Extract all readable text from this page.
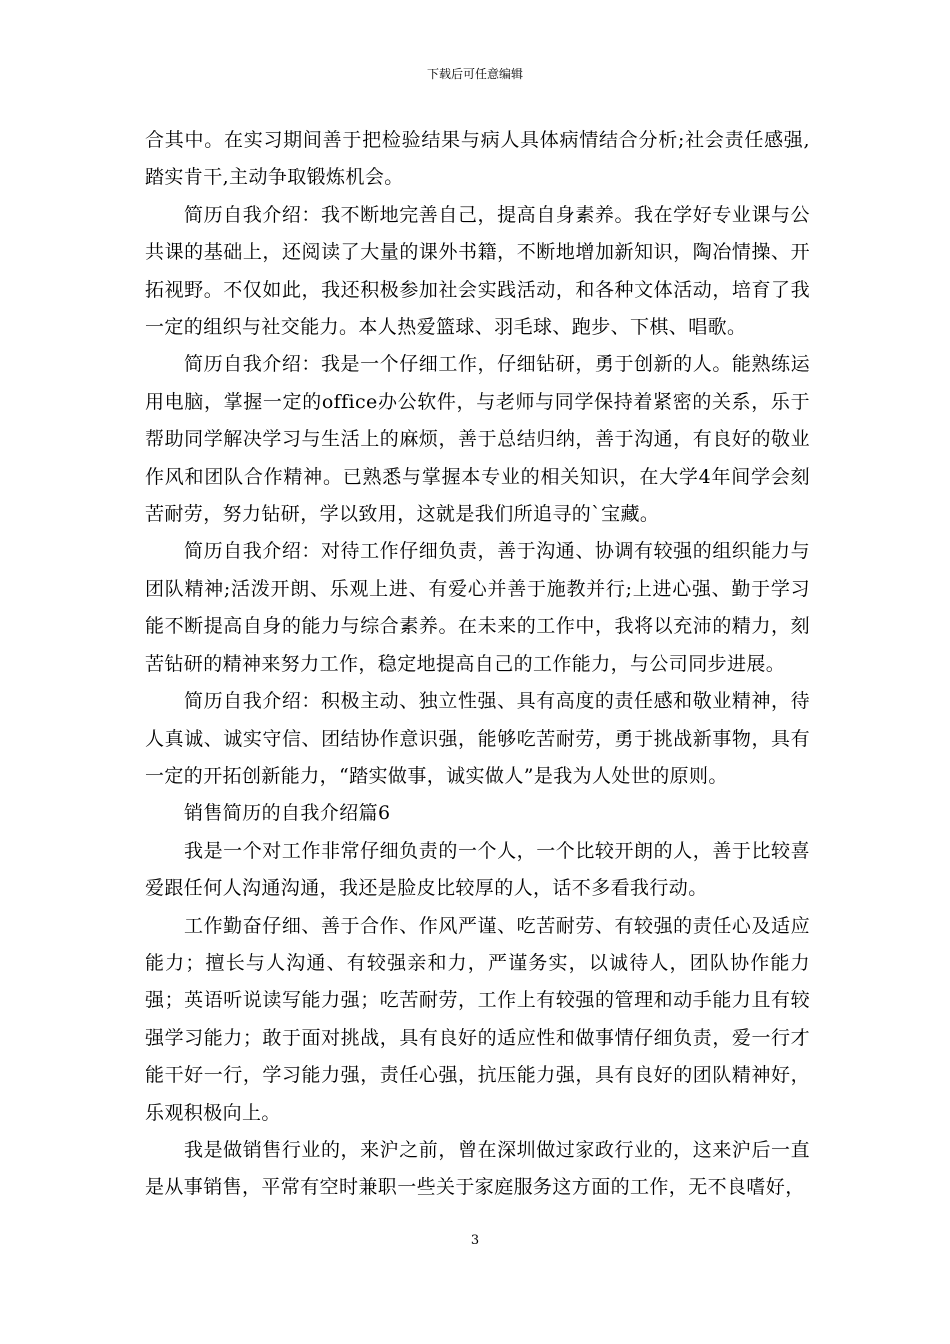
下载后可任意编辑

合其中。在实习期间善于把检验结果与病人具体病情结合分析;社会责任感强,踏实肯干,主动争取锻炼机会。

简历自我介绍：我不断地完善自己，提高自身素养。我在学好专业课与公共课的基础上，还阅读了大量的课外书籍，不断地增加新知识，陶冶情操、开拓视野。不仅如此，我还积极参加社会实践活动，和各种文体活动，培育了我一定的组织与社交能力。本人热爱篮球、羽毛球、跑步、下棋、唱歌。

简历自我介绍：我是一个仔细工作，仔细钻研，勇于创新的人。能熟练运用电脑，掌握一定的office办公软件，与老师与同学保持着紧密的关系，乐于帮助同学解决学习与生活上的麻烦，善于总结归纳，善于沟通，有良好的敬业作风和团队合作精神。已熟悉与掌握本专业的相关知识，在大学4年间学会刻苦耐劳，努力钻研，学以致用，这就是我们所追寻的`宝藏。

简历自我介绍：对待工作仔细负责，善于沟通、协调有较强的组织能力与团队精神;活泼开朗、乐观上进、有爱心并善于施教并行;上进心强、勤于学习能不断提高自身的能力与综合素养。在未来的工作中，我将以充沛的精力，刻苦钻研的精神来努力工作，稳定地提高自己的工作能力，与公司同步进展。

简历自我介绍：积极主动、独立性强、具有高度的责任感和敬业精神，待人真诚、诚实守信、团结协作意识强，能够吃苦耐劳，勇于挑战新事物，具有一定的开拓创新能力，“踏实做事，诚实做人”是我为人处世的原则。

销售简历的自我介绍篇6

我是一个对工作非常仔细负责的一个人，一个比较开朗的人，善于比较喜爱跟任何人沟通沟通，我还是脸皮比较厚的人，话不多看我行动。

工作勤奋仔细、善于合作、作风严谨、吃苦耐劳、有较强的责任心及适应能力；擅长与人沟通、有较强亲和力，严谨务实，以诚待人，团队协作能力强；英语听说读写能力强；吃苦耐劳，工作上有较强的管理和动手能力且有较强学习能力；敢于面对挑战，具有良好的适应性和做事情仔细负责，爱一行才能干好一行，学习能力强，责任心强，抗压能力强，具有良好的团队精神好，乐观积极向上。

我是做销售行业的，来沪之前，曾在深圳做过家政行业的，这来沪后一直是从事销售，平常有空时兼职一些关于家庭服务这方面的工作，无不良嗜好，

3
